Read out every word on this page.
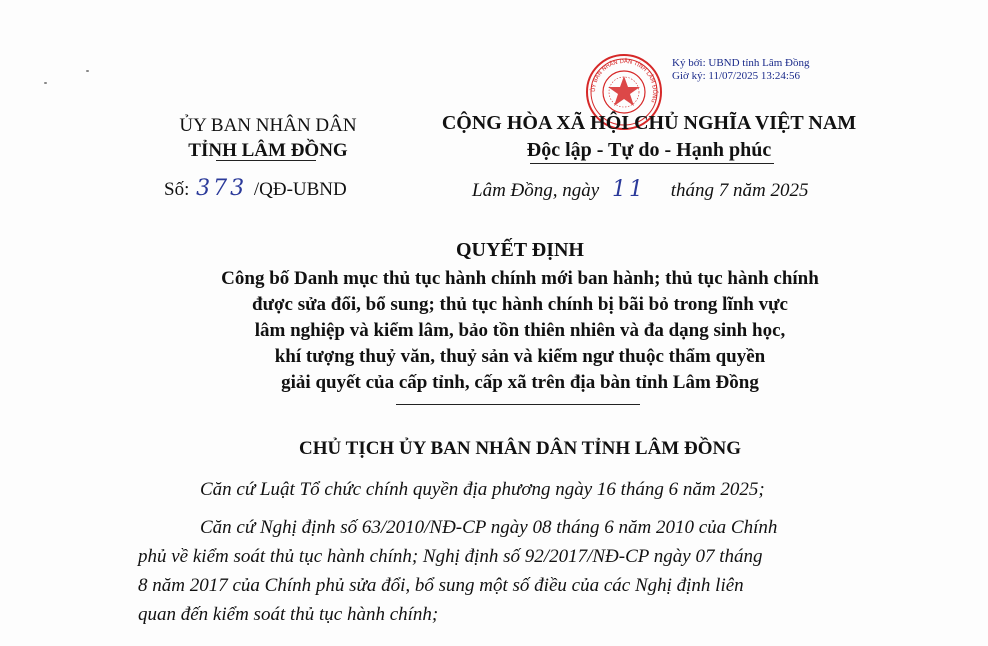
ỦY BAN NHÂN DÂN TỈNH LÂM ĐỒNG
Ký bởi: UBND tỉnh Lâm Đồng
Giờ ký: 11/07/2025 13:24:56
ỦY BAN NHÂN DÂN
TỈNH LÂM ĐỒNG
Số: 373 /QĐ-UBND
CỘNG HÒA XÃ HỘI CHỦ NGHĨA VIỆT NAM
Độc lập - Tự do - Hạnh phúc
Lâm Đồng, ngày 11 tháng 7 năm 2025
QUYẾT ĐỊNH
Công bố Danh mục thủ tục hành chính mới ban hành; thủ tục hành chính
được sửa đổi, bổ sung; thủ tục hành chính bị bãi bỏ trong lĩnh vực
lâm nghiệp và kiểm lâm, bảo tồn thiên nhiên và đa dạng sinh học,
khí tượng thuỷ văn, thuỷ sản và kiểm ngư thuộc thẩm quyền
giải quyết của cấp tỉnh, cấp xã trên địa bàn tỉnh Lâm Đồng
CHỦ TỊCH ỦY BAN NHÂN DÂN TỈNH LÂM ĐỒNG
Căn cứ Luật Tổ chức chính quyền địa phương ngày 16 tháng 6 năm 2025;
Căn cứ Nghị định số 63/2010/NĐ-CP ngày 08 tháng 6 năm 2010 của Chính
phủ về kiểm soát thủ tục hành chính; Nghị định số 92/2017/NĐ-CP ngày 07 tháng
8 năm 2017 của Chính phủ sửa đổi, bổ sung một số điều của các Nghị định liên
quan đến kiểm soát thủ tục hành chính;
